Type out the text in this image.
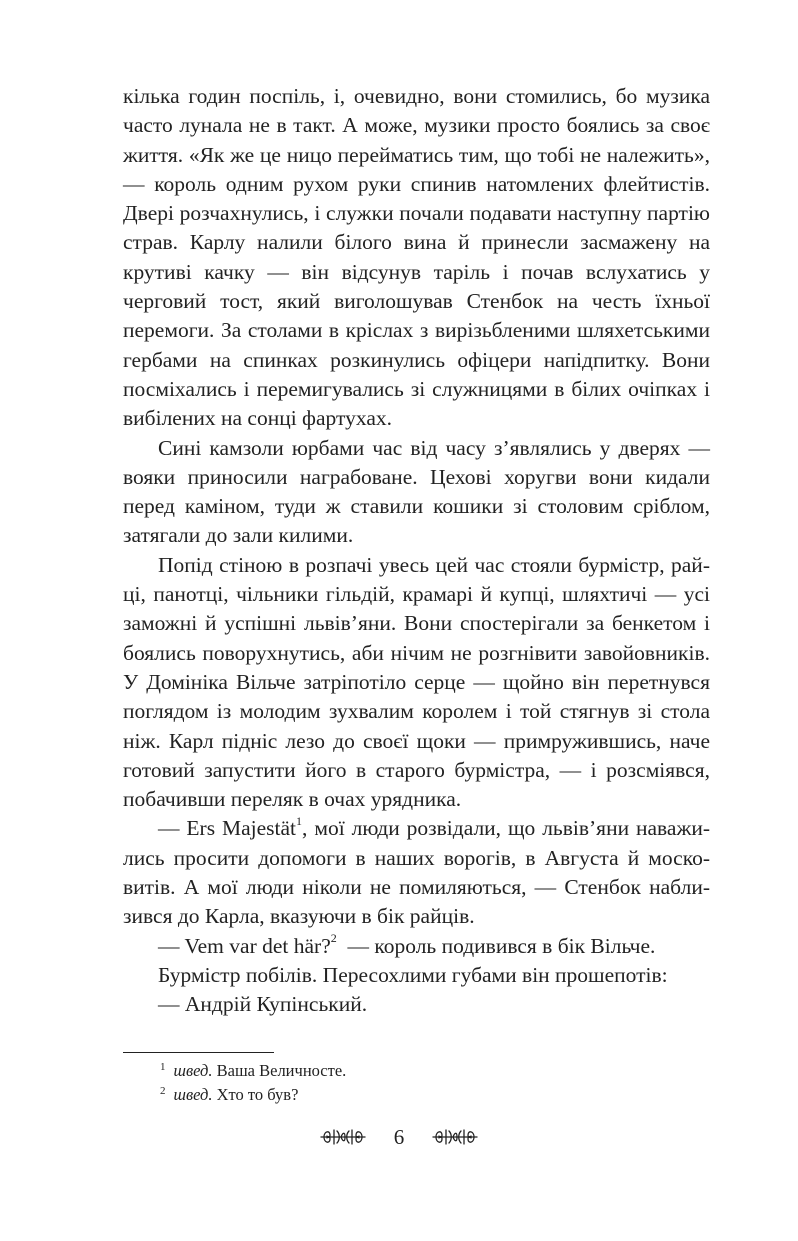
кілька годин поспіль, і, очевидно, вони стомились, бо музика часто лунала не в такт. А може, музики просто боялись за своє життя. «Як же це ницо перейматись тим, що тобі не належить», — король одним рухом руки спинив натомлених флейтистів. Двері розчахнулись, і служки почали подавати наступну партію страв. Карлу налили білого вина й принесли засмажену на крутиві качку — він відсунув таріль і почав вслухатись у черговий тост, який виголошував Стенбок на честь їхньої перемоги. За столами в кріслах з вирізьбленими шляхетськими гербами на спинках розкинулись офіцери напідпитку. Вони посміхались і перемигувались зі служницями в білих очіпках і вибілених на сонці фартухах.

Сині камзоли юрбами час від часу з’являлись у дверях — вояки приносили награбоване. Цехові хоругви вони кидали перед каміном, туди ж ставили кошики зі столовим сріблом, затягали до зали килими.

Попід стіною в розпачі увесь цей час стояли бурмістр, райці, панотці, чільники гільдій, крамарі й купці, шляхтичі — усі заможні й успішні львів’яни. Вони спостерігали за бенкетом і боялись поворухнутись, аби нічим не розгнівити завойовників. У Домініка Вільче затріпотіло серце — щойно він перетнувся поглядом із молодим зухвалим королем і той стягнув зі стола ніж. Карл підніс лезо до своєї щоки — примружившись, наче готовий запустити його в старого бурмістра, — і розсміявся, побачивши переляк в очах урядника.

— Ers Majestät$^1$, мої люди розвідали, що львів’яни наважились просити допомоги в наших ворогів, в Августа й московитів. А мої люди ніколи не помиляються, — Стенбок наблизився до Карла, вказуючи в бік райців.

— Vem var det här?$^2$  — король подивився в бік Вільче.

Бурмістр побілів. Пересохлими губами він прошепотів:

— Андрій Купінський.

$^1$ швед. Ваша Величносте.

$^2$ швед. Хто то був?

6
